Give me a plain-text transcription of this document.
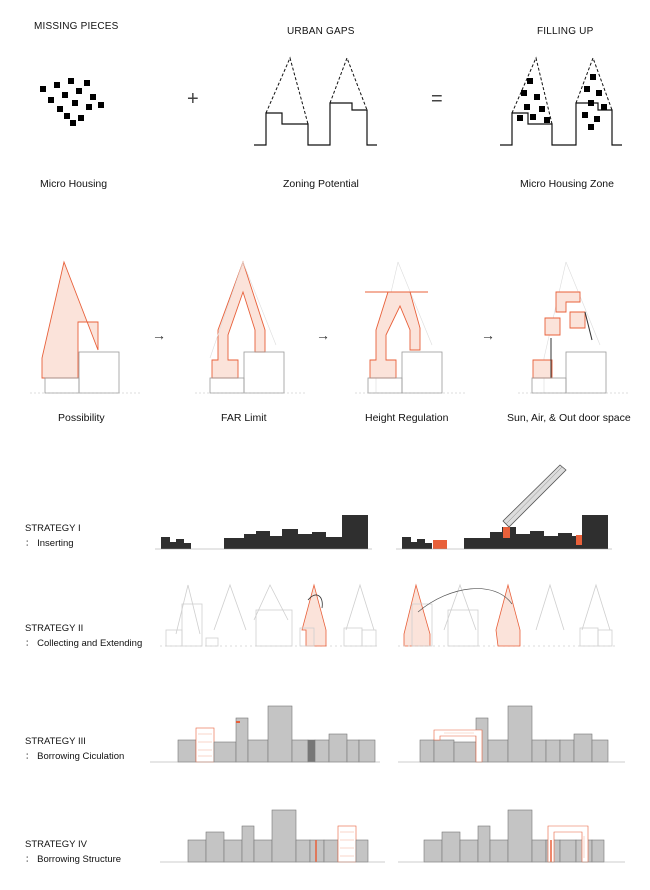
MISSING PIECES	URBAN GAPS	FILLING UP
Micro Housing	Zoning Potential	Micro Housing Zone
+	=
Possibility	FAR Limit	Height Regulation	Sun, Air, & Out door space
→	→	→
STRATEGY I
： Inserting
STRATEGY II
： Collecting and Extending
STRATEGY III
： Borrowing Ciculation
STRATEGY IV
： Borrowing Structure
